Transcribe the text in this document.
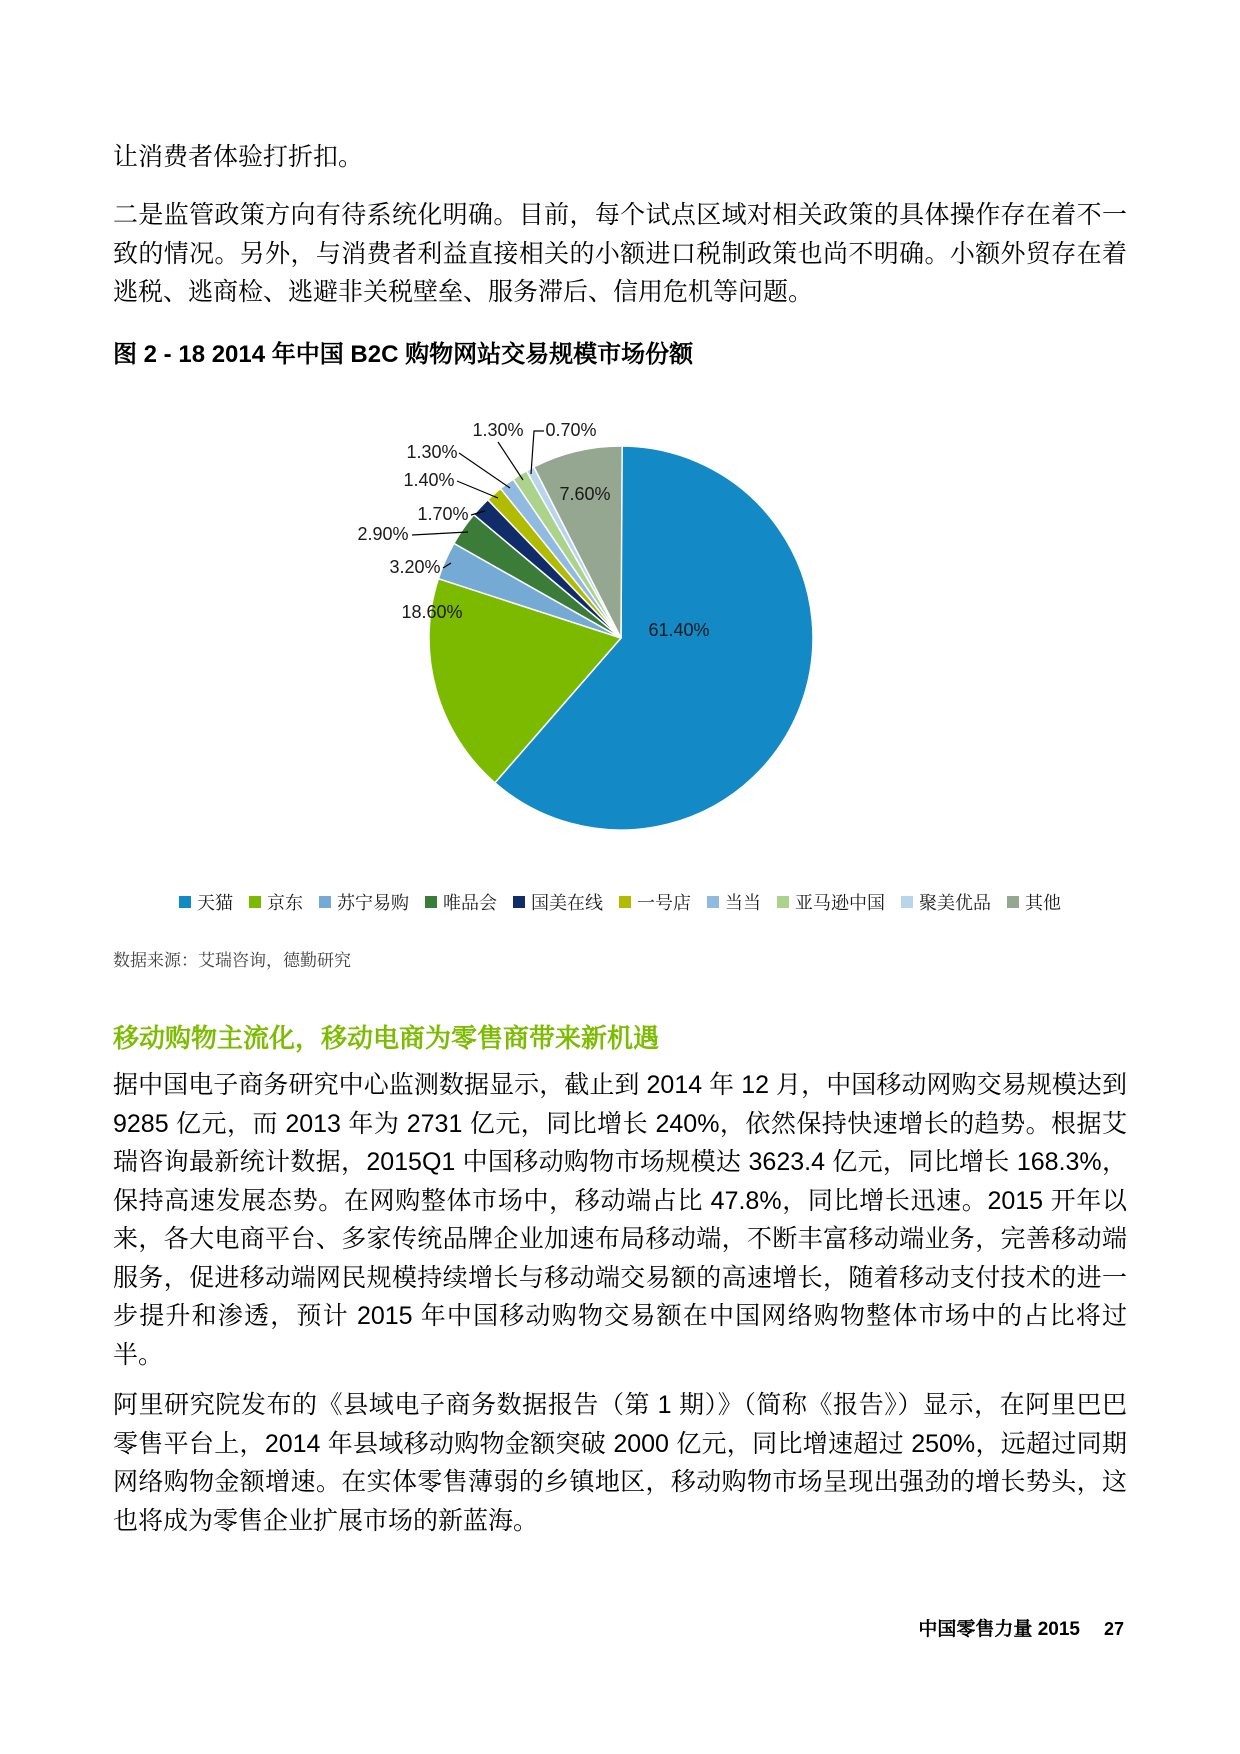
让消费者体验打折扣。

二是监管政策方向有待系统化明确。目前，每个试点区域对相关政策的具体操作存在着不一致的情况。另外，与消费者利益直接相关的小额进口税制政策也尚不明确。小额外贸存在着逃税、逃商检、逃避非关税壁垒、服务滞后、信用危机等问题。

图 2 - 18 2014 年中国 B2C 购物网站交易规模市场份额
61.40%
18.60%
3.20%
2.90%
1.70%
1.40%
1.30%
1.30% 0.70%
7.60%
天猫 京东 苏宁易购 唯品会 国美在线 一号店 当当 亚马逊中国 聚美优品 其他

数据来源：艾瑞咨询，德勤研究

移动购物主流化，移动电商为零售商带来新机遇

据中国电子商务研究中心监测数据显示，截止到 2014 年 12 月，中国移动网购交易规模达到 9285 亿元，而 2013 年为 2731 亿元，同比增长 240%，依然保持快速增长的趋势。根据艾瑞咨询最新统计数据，2015Q1 中国移动购物市场规模达 3623.4 亿元，同比增长 168.3%，保持高速发展态势。在网购整体市场中，移动端占比 47.8%，同比增长迅速。2015 开年以来，各大电商平台、多家传统品牌企业加速布局移动端，不断丰富移动端业务，完善移动端服务，促进移动端网民规模持续增长与移动端交易额的高速增长，随着移动支付技术的进一步提升和渗透，预计 2015 年中国移动购物交易额在中国网络购物整体市场中的占比将过半。

阿里研究院发布的《县域电子商务数据报告（第 1 期）》（简称《报告》）显示，在阿里巴巴零售平台上，2014 年县域移动购物金额突破 2000 亿元，同比增速超过 250%，远超过同期网络购物金额增速。在实体零售薄弱的乡镇地区，移动购物市场呈现出强劲的增长势头，这也将成为零售企业扩展市场的新蓝海。

中国零售力量 2015 27
